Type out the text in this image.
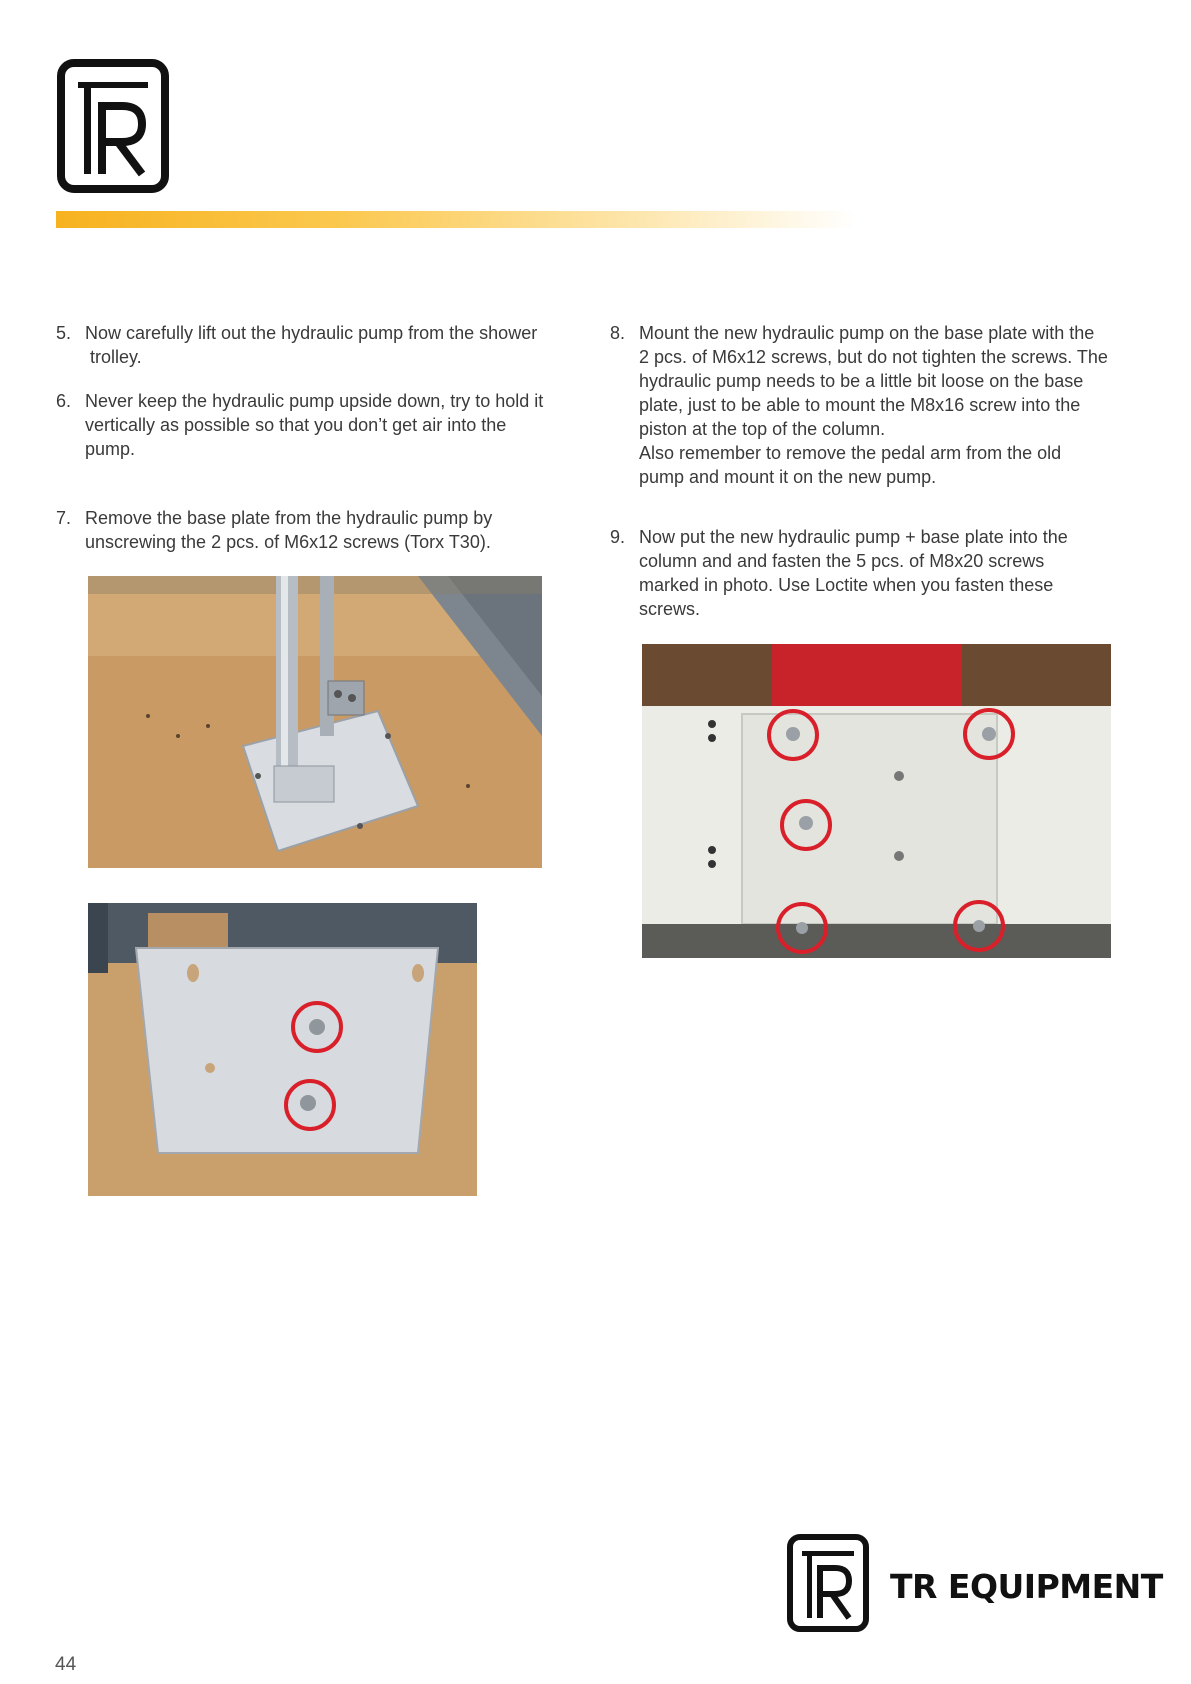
5. Now carefully lift out the hydraulic pump from the shower
trolley.
6. Never keep the hydraulic pump upside down, try to hold it
vertically as possible so that you don’t get air into the
pump.
7. Remove the base plate from the hydraulic pump by
unscrewing the 2 pcs. of M6x12 screws (Torx T30).
8. Mount the new hydraulic pump on the base plate with the
2 pcs. of M6x12 screws, but do not tighten the screws. The
hydraulic pump needs to be a little bit loose on the base
plate, just to be able to mount the M8x16 screw into the
piston at the top of the column.
Also remember to remove the pedal arm from the old
pump and mount it on the new pump.
9. Now put the new hydraulic pump + base plate into the
column and and fasten the 5 pcs. of M8x20 screws
marked in photo. Use Loctite when you fasten these
screws.
TR EQUIPMENT
44
